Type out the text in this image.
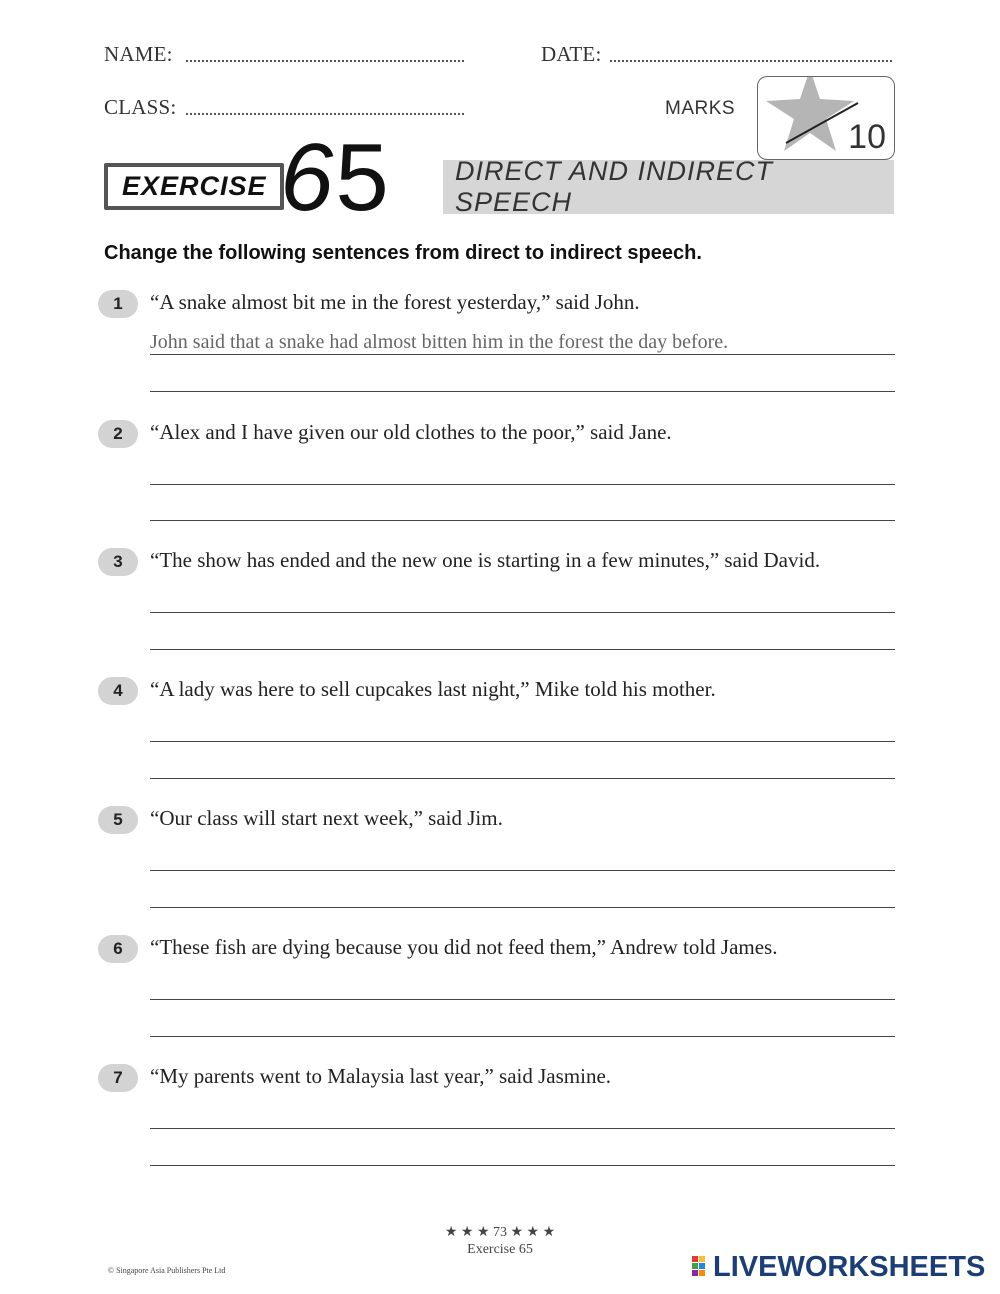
NAME:	DATE:
CLASS:	MARKS
10
EXERCISE 65 DIRECT AND INDIRECT SPEECH
Change the following sentences from direct to indirect speech.
1	“A snake almost bit me in the forest yesterday,” said John.
John said that a snake had almost bitten him in the forest the day before.
2	“Alex and I have given our old clothes to the poor,” said Jane.
3	“The show has ended and the new one is starting in a few minutes,” said David.
4	“A lady was here to sell cupcakes last night,” Mike told his mother.
5	“Our class will start next week,” said Jim.
6	“These fish are dying because you did not feed them,” Andrew told James.
7	“My parents went to Malaysia last year,” said Jasmine.
★ ★ ★ 73 ★ ★ ★
Exercise 65
© Singapore Asia Publishers Pte Ltd	LIVEWORKSHEETS
